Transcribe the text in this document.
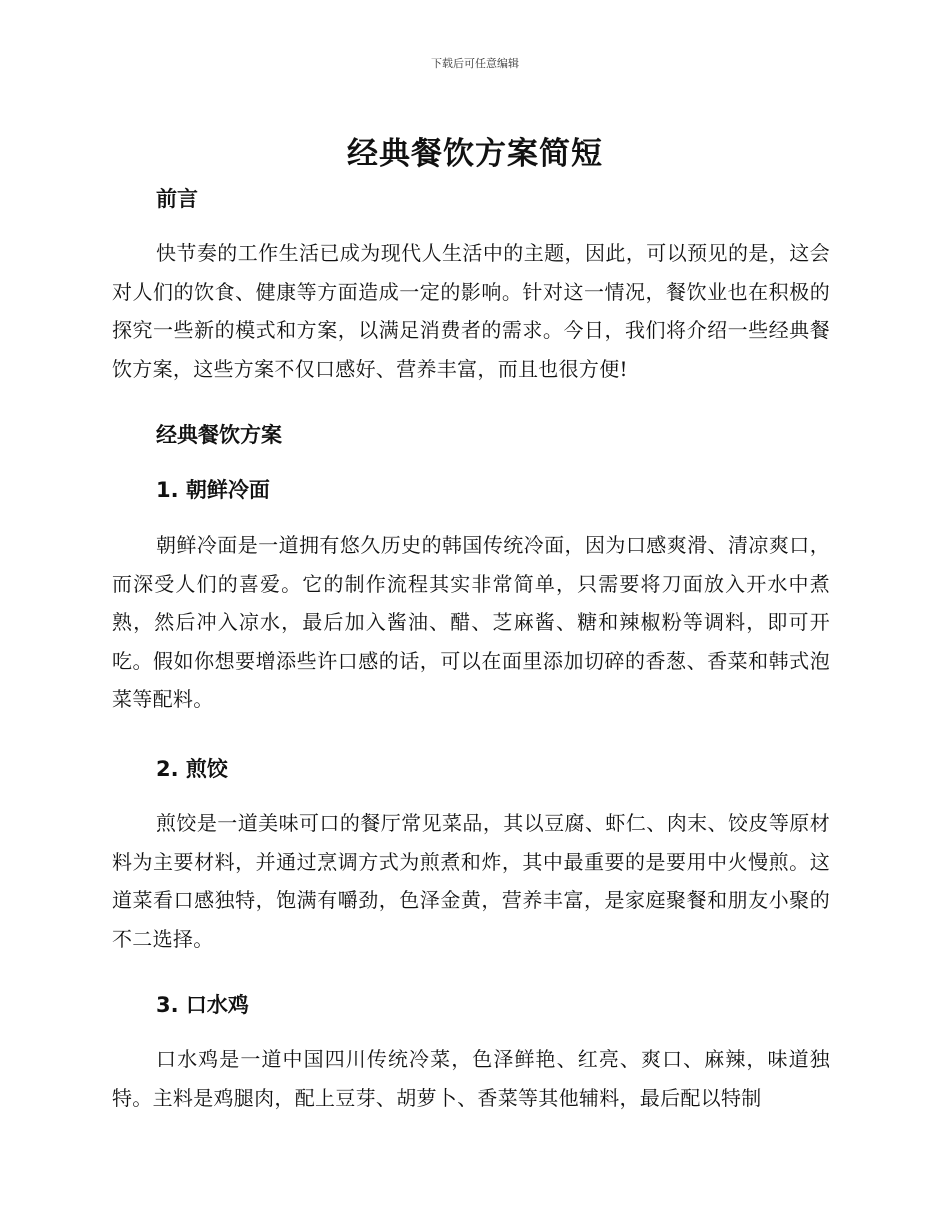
下载后可任意编辑
经典餐饮方案简短
前言

快节奏的工作生活已成为现代人生活中的主题，因此，可以预见的是，这会对人们的饮食、健康等方面造成一定的影响。针对这一情况，餐饮业也在积极的探究一些新的模式和方案，以满足消费者的需求。今日，我们将介绍一些经典餐饮方案，这些方案不仅口感好、营养丰富，而且也很方便!

经典餐饮方案
1. 朝鲜冷面

朝鲜冷面是一道拥有悠久历史的韩国传统冷面，因为口感爽滑、清凉爽口，而深受人们的喜爱。它的制作流程其实非常简单，只需要将刀面放入开水中煮熟，然后冲入凉水，最后加入酱油、醋、芝麻酱、糖和辣椒粉等调料，即可开吃。假如你想要增添些许口感的话，可以在面里添加切碎的香葱、香菜和韩式泡菜等配料。

2. 煎饺

煎饺是一道美味可口的餐厅常见菜品，其以豆腐、虾仁、肉末、饺皮等原材料为主要材料，并通过烹调方式为煎煮和炸，其中最重要的是要用中火慢煎。这道菜看口感独特，饱满有嚼劲，色泽金黄，营养丰富，是家庭聚餐和朋友小聚的不二选择。

3. 口水鸡

口水鸡是一道中国四川传统冷菜，色泽鲜艳、红亮、爽口、麻辣，味道独特。主料是鸡腿肉，配上豆芽、胡萝卜、香菜等其他辅料，最后配以特制
